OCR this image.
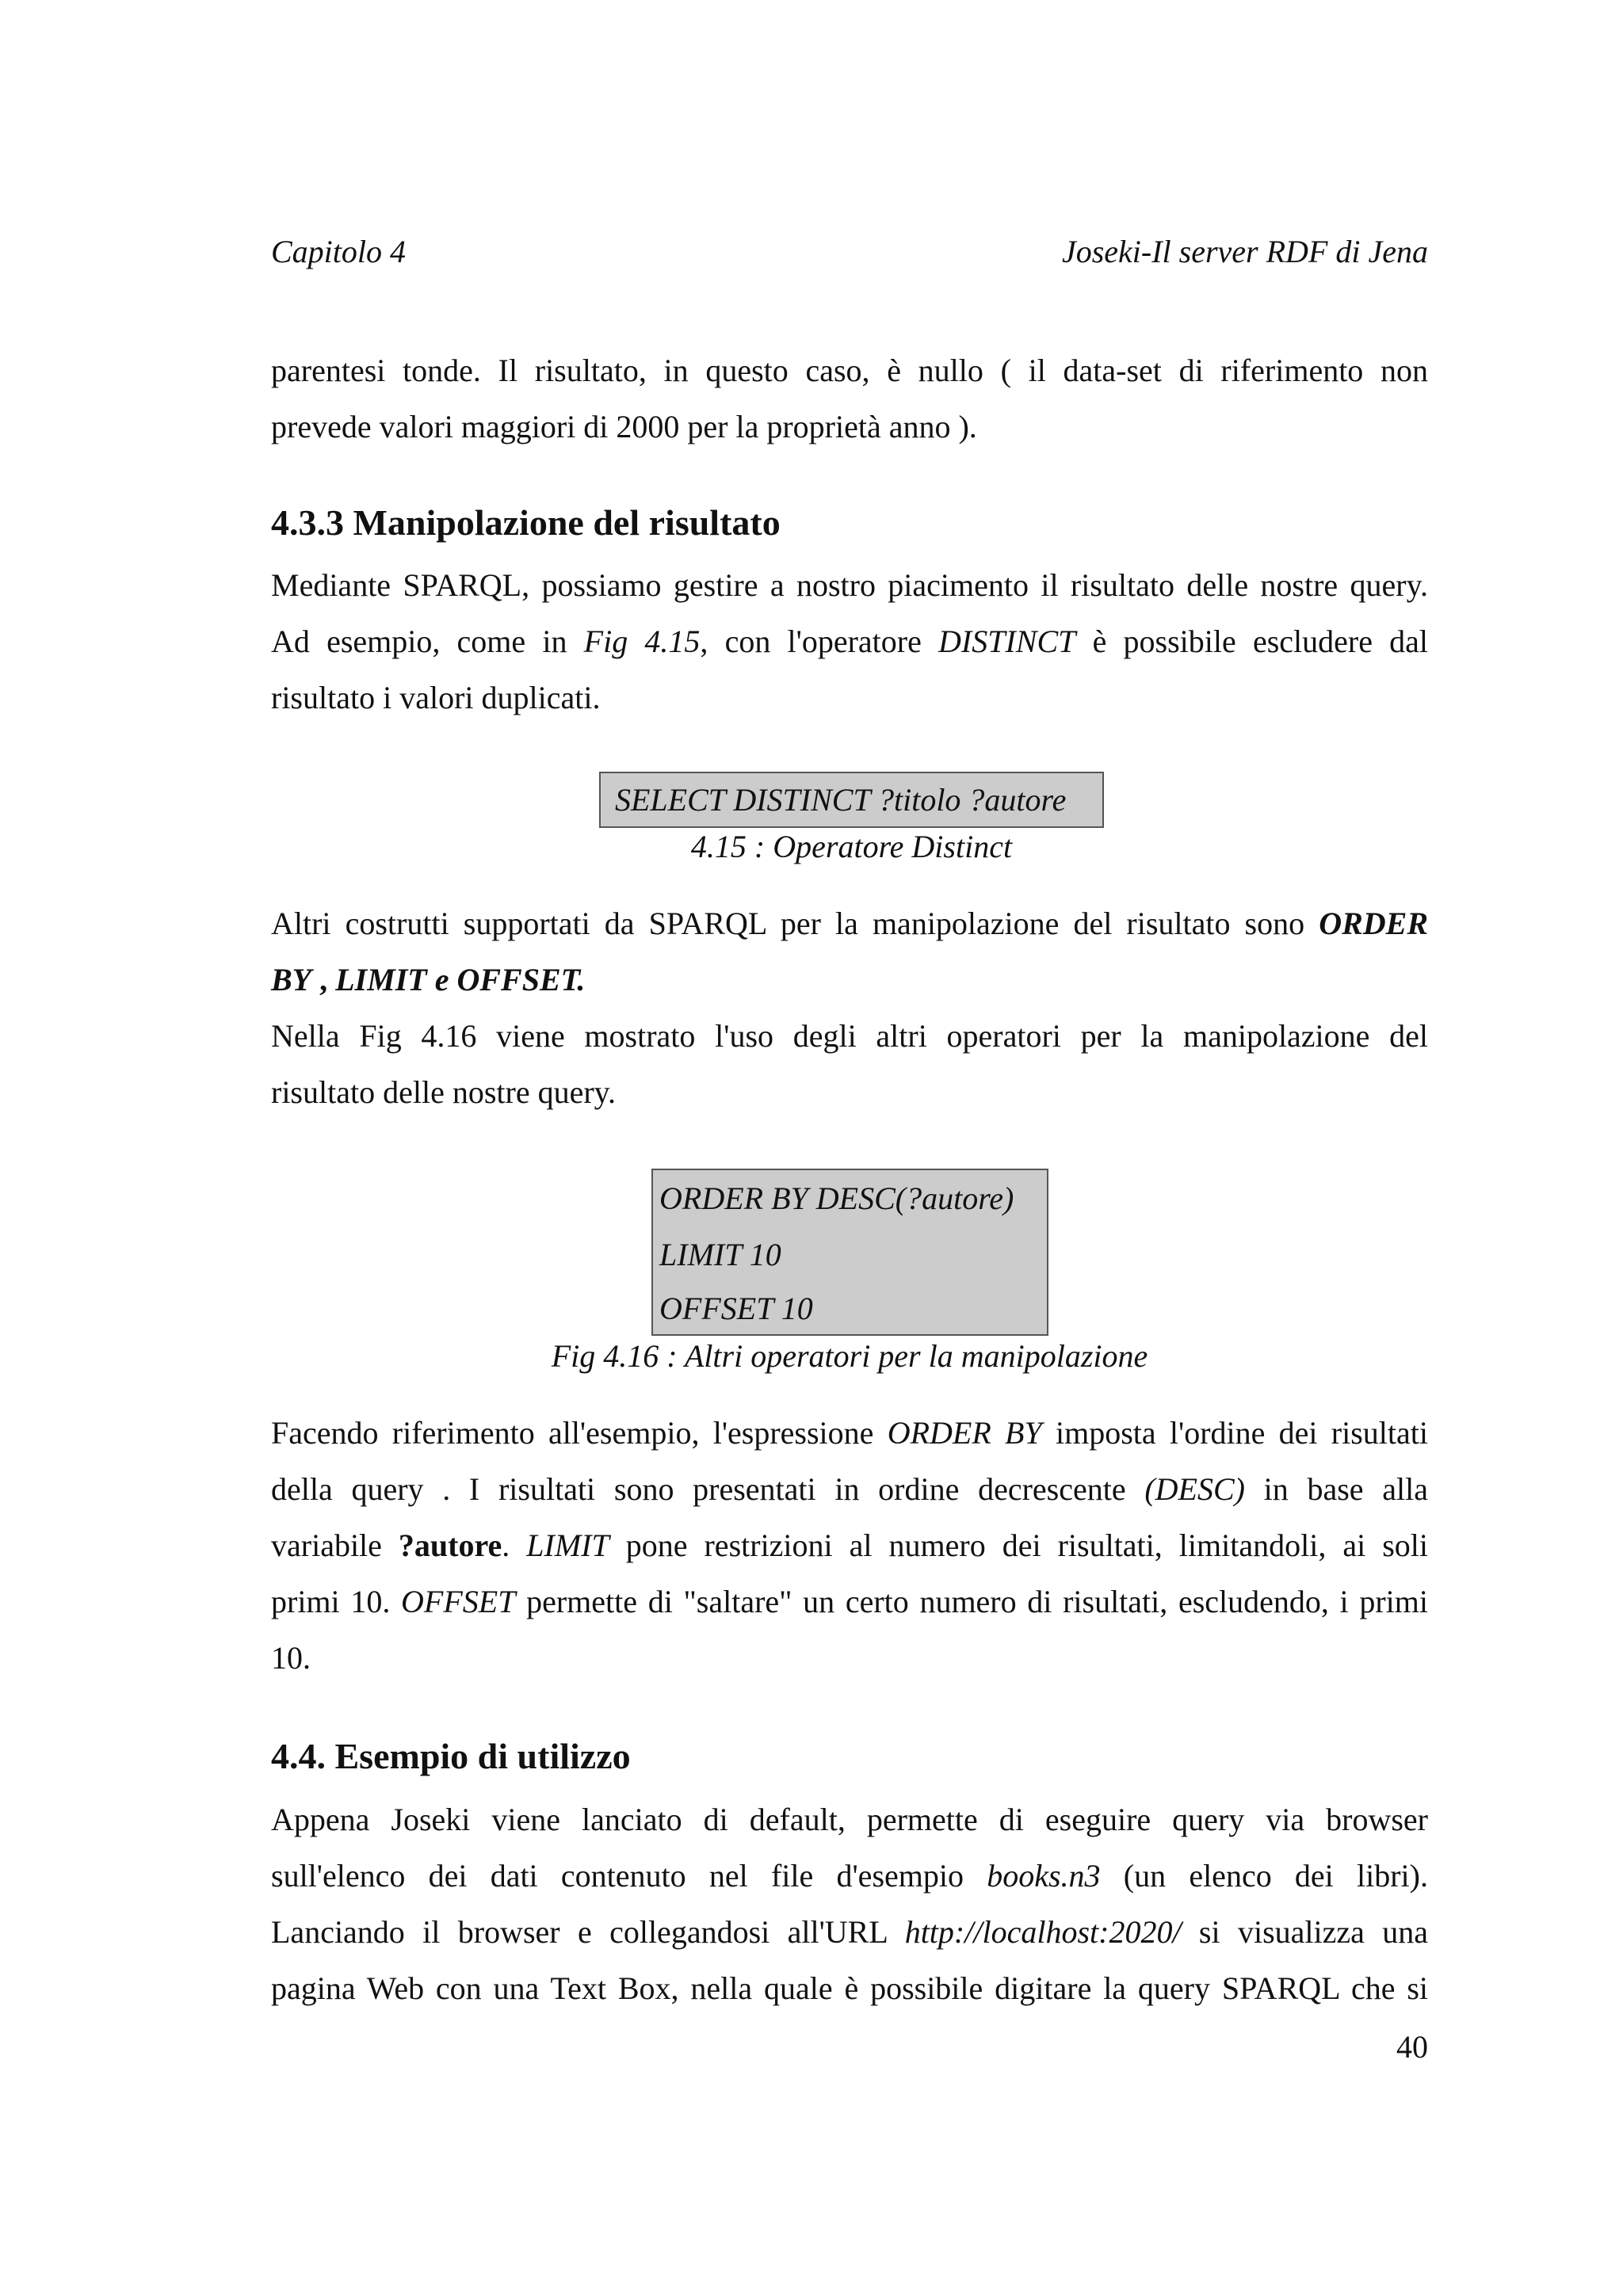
Capitolo 4	Joseki-Il server RDF di Jena

parentesi tonde. Il risultato, in questo caso, è nullo ( il data-set di riferimento non
prevede valori maggiori di 2000 per la proprietà anno ).

4.3.3 Manipolazione del risultato

Mediante SPARQL, possiamo gestire a nostro piacimento il risultato delle nostre query.
Ad esempio, come in Fig 4.15, con l'operatore DISTINCT è possibile escludere dal
risultato i valori duplicati.

SELECT DISTINCT ?titolo ?autore
4.15 : Operatore Distinct

Altri costrutti supportati da SPARQL per la manipolazione del risultato sono ORDER
BY , LIMIT e OFFSET.
Nella Fig 4.16 viene mostrato l'uso degli altri operatori per la manipolazione del
risultato delle nostre query.

ORDER BY DESC(?autore)
LIMIT 10
OFFSET 10
Fig 4.16 : Altri operatori per la manipolazione

Facendo riferimento all'esempio, l'espressione ORDER BY imposta l'ordine dei risultati
della query . I risultati sono presentati in ordine decrescente (DESC) in base alla
variabile ?autore. LIMIT pone restrizioni al numero dei risultati, limitandoli, ai soli
primi 10. OFFSET permette di "saltare" un certo numero di risultati, escludendo, i primi
10.

4.4. Esempio di utilizzo

Appena Joseki viene lanciato di default, permette di eseguire query via browser
sull'elenco dei dati contenuto nel file d'esempio books.n3 (un elenco dei libri).
Lanciando il browser e collegandosi all'URL http://localhost:2020/ si visualizza una
pagina Web con una Text Box, nella quale è possibile digitare la query SPARQL che si

40
